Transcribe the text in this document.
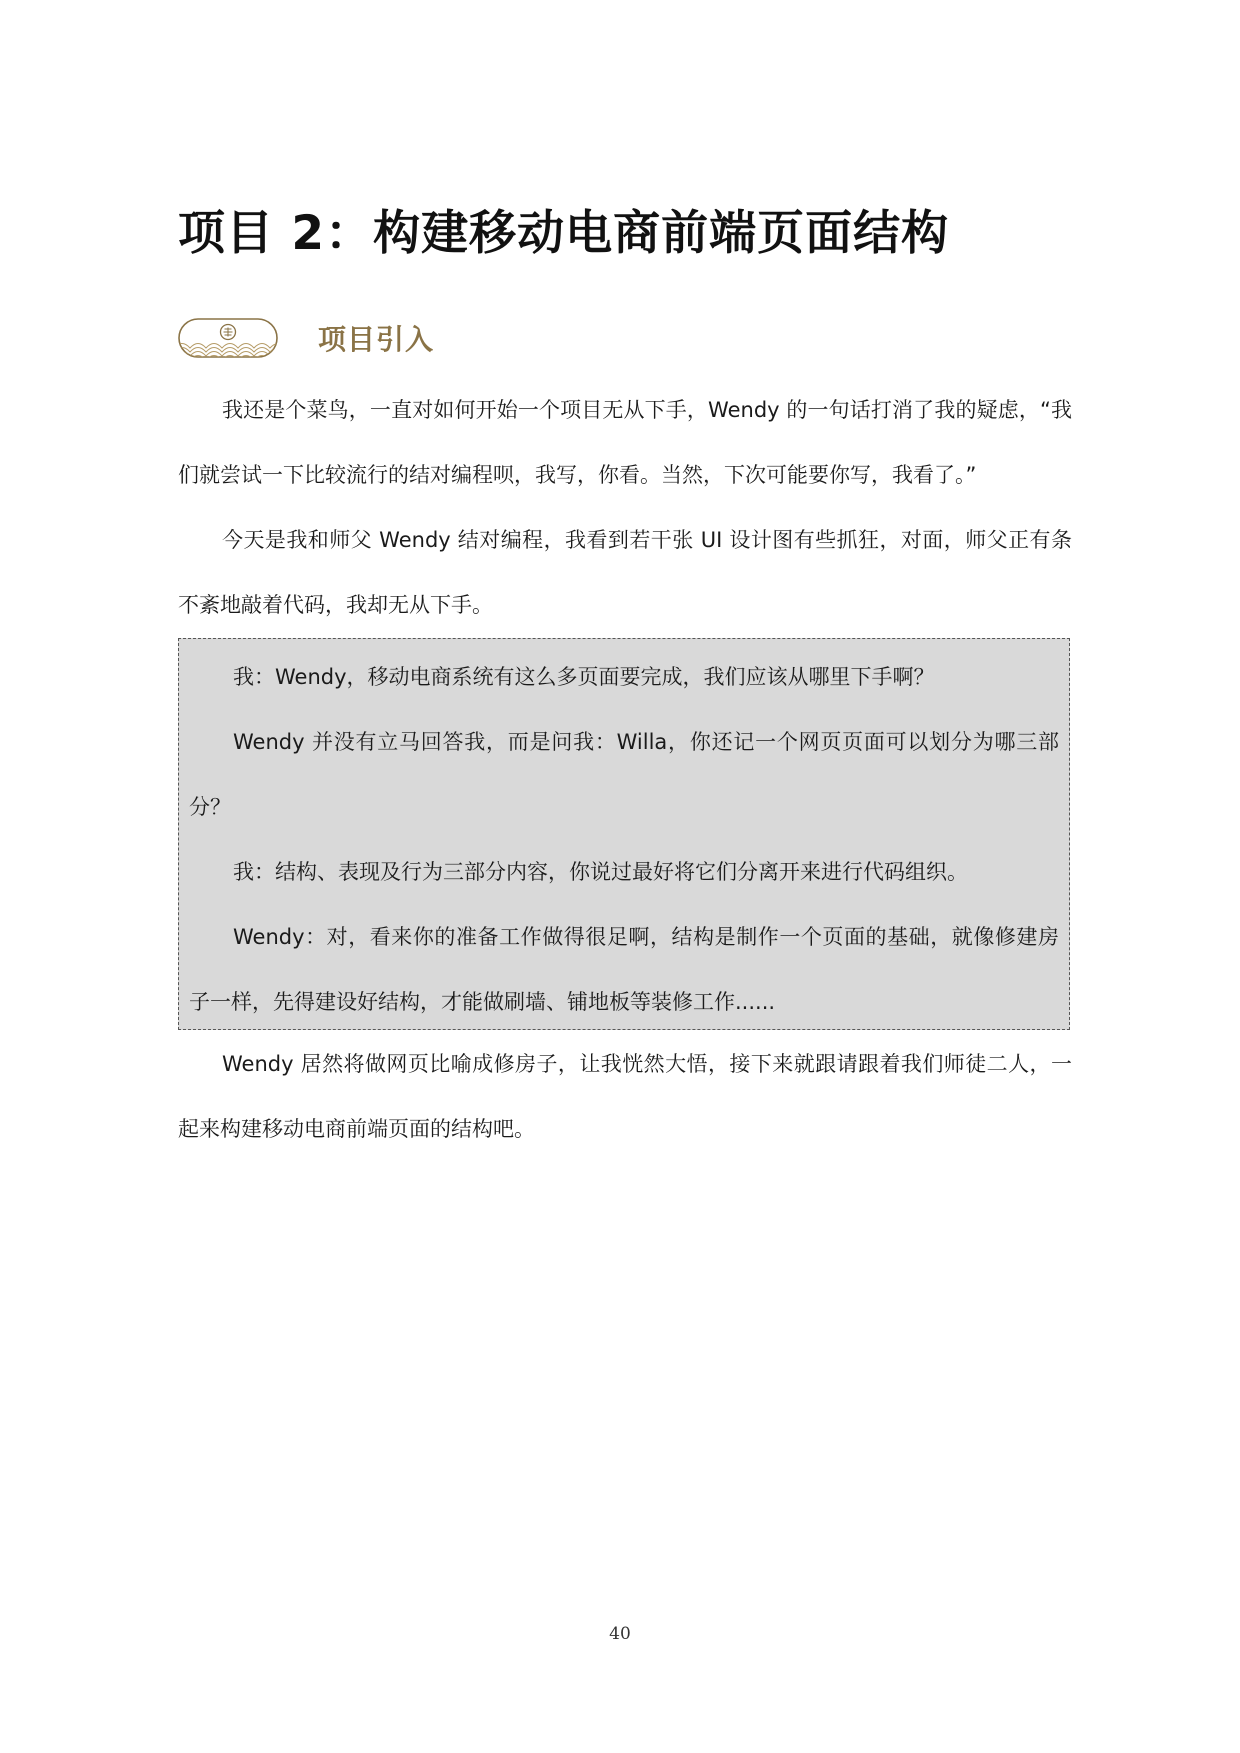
项目 2：构建移动电商前端页面结构
项目引入

我还是个菜鸟，一直对如何开始一个项目无从下手，Wendy 的一句话打消了我的疑虑，“我们就尝试一下比较流行的结对编程呗，我写，你看。当然，下次可能要你写，我看了。”

今天是我和师父 Wendy 结对编程，我看到若干张 UI 设计图有些抓狂，对面，师父正有条不紊地敲着代码，我却无从下手。

我：Wendy，移动电商系统有这么多页面要完成，我们应该从哪里下手啊？

Wendy 并没有立马回答我，而是问我：Willa，你还记一个网页页面可以划分为哪三部分？

我：结构、表现及行为三部分内容，你说过最好将它们分离开来进行代码组织。

Wendy：对，看来你的准备工作做得很足啊，结构是制作一个页面的基础，就像修建房子一样，先得建设好结构，才能做刷墙、铺地板等装修工作......

Wendy 居然将做网页比喻成修房子，让我恍然大悟，接下来就跟请跟着我们师徒二人，一起来构建移动电商前端页面的结构吧。

40
